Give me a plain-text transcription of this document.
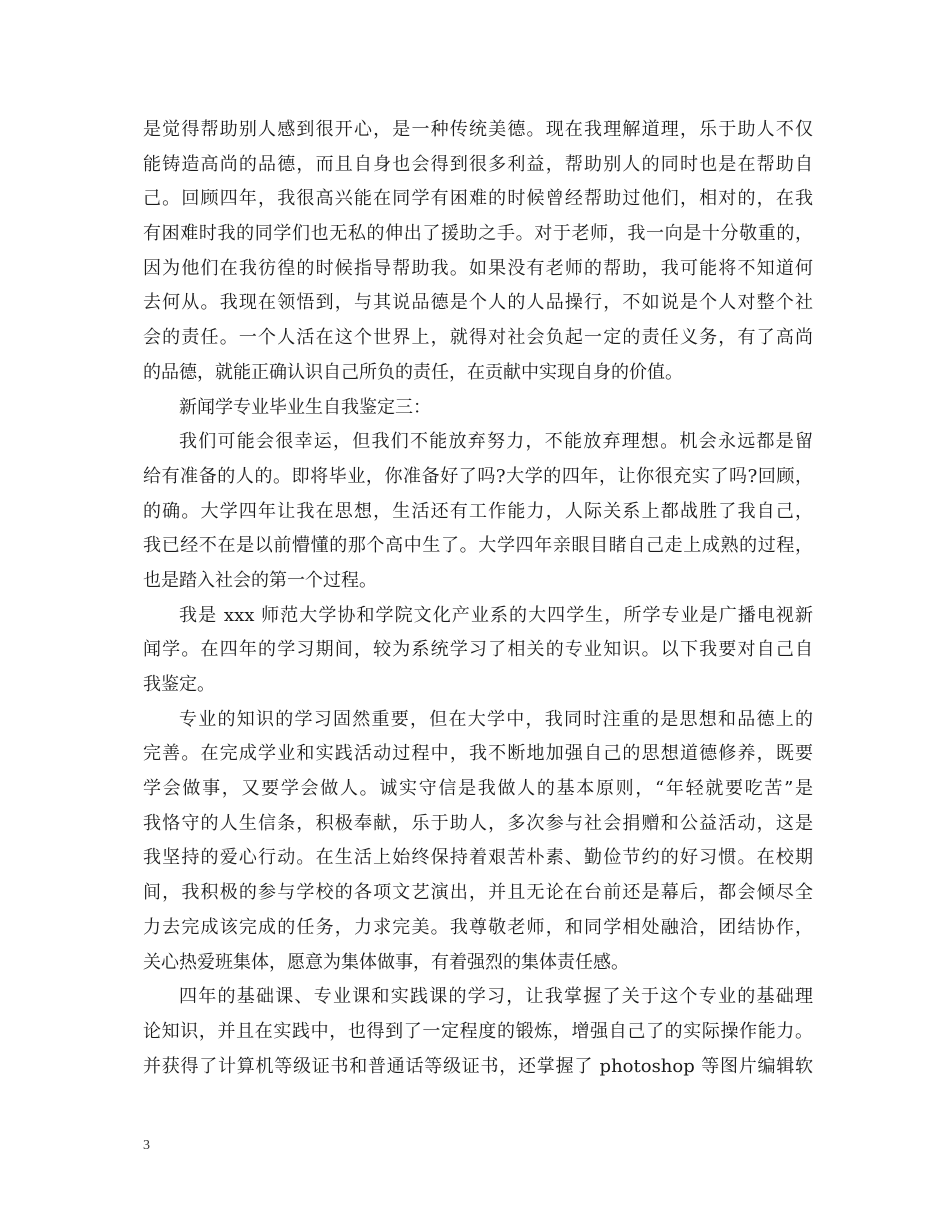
是觉得帮助别人感到很开心，是一种传统美德。现在我理解道理，乐于助人不仅
能铸造高尚的品德，而且自身也会得到很多利益，帮助别人的同时也是在帮助自
己。回顾四年，我很高兴能在同学有困难的时候曾经帮助过他们，相对的，在我
有困难时我的同学们也无私的伸出了援助之手。对于老师，我一向是十分敬重的，
因为他们在我彷徨的时候指导帮助我。如果没有老师的帮助，我可能将不知道何
去何从。我现在领悟到，与其说品德是个人的人品操行，不如说是个人对整个社
会的责任。一个人活在这个世界上，就得对社会负起一定的责任义务，有了高尚
的品德，就能正确认识自己所负的责任，在贡献中实现自身的价值。
新闻学专业毕业生自我鉴定三：
我们可能会很幸运，但我们不能放弃努力，不能放弃理想。机会永远都是留
给有准备的人的。即将毕业，你准备好了吗?大学的四年，让你很充实了吗?回顾，
的确。大学四年让我在思想，生活还有工作能力，人际关系上都战胜了我自己，
我已经不在是以前懵懂的那个高中生了。大学四年亲眼目睹自己走上成熟的过程，
也是踏入社会的第一个过程。
我是 xxx 师范大学协和学院文化产业系的大四学生，所学专业是广播电视新
闻学。在四年的学习期间，较为系统学习了相关的专业知识。以下我要对自己自
我鉴定。
专业的知识的学习固然重要，但在大学中，我同时注重的是思想和品德上的
完善。在完成学业和实践活动过程中，我不断地加强自己的思想道德修养，既要
学会做事，又要学会做人。诚实守信是我做人的基本原则，“年轻就要吃苦”是
我恪守的人生信条，积极奉献，乐于助人，多次参与社会捐赠和公益活动，这是
我坚持的爱心行动。在生活上始终保持着艰苦朴素、勤俭节约的好习惯。在校期
间，我积极的参与学校的各项文艺演出，并且无论在台前还是幕后，都会倾尽全
力去完成该完成的任务，力求完美。我尊敬老师，和同学相处融洽，团结协作，
关心热爱班集体，愿意为集体做事，有着强烈的集体责任感。
四年的基础课、专业课和实践课的学习，让我掌握了关于这个专业的基础理
论知识，并且在实践中，也得到了一定程度的锻炼，增强自己了的实际操作能力。
并获得了计算机等级证书和普通话等级证书，还掌握了 photoshop 等图片编辑软
3
